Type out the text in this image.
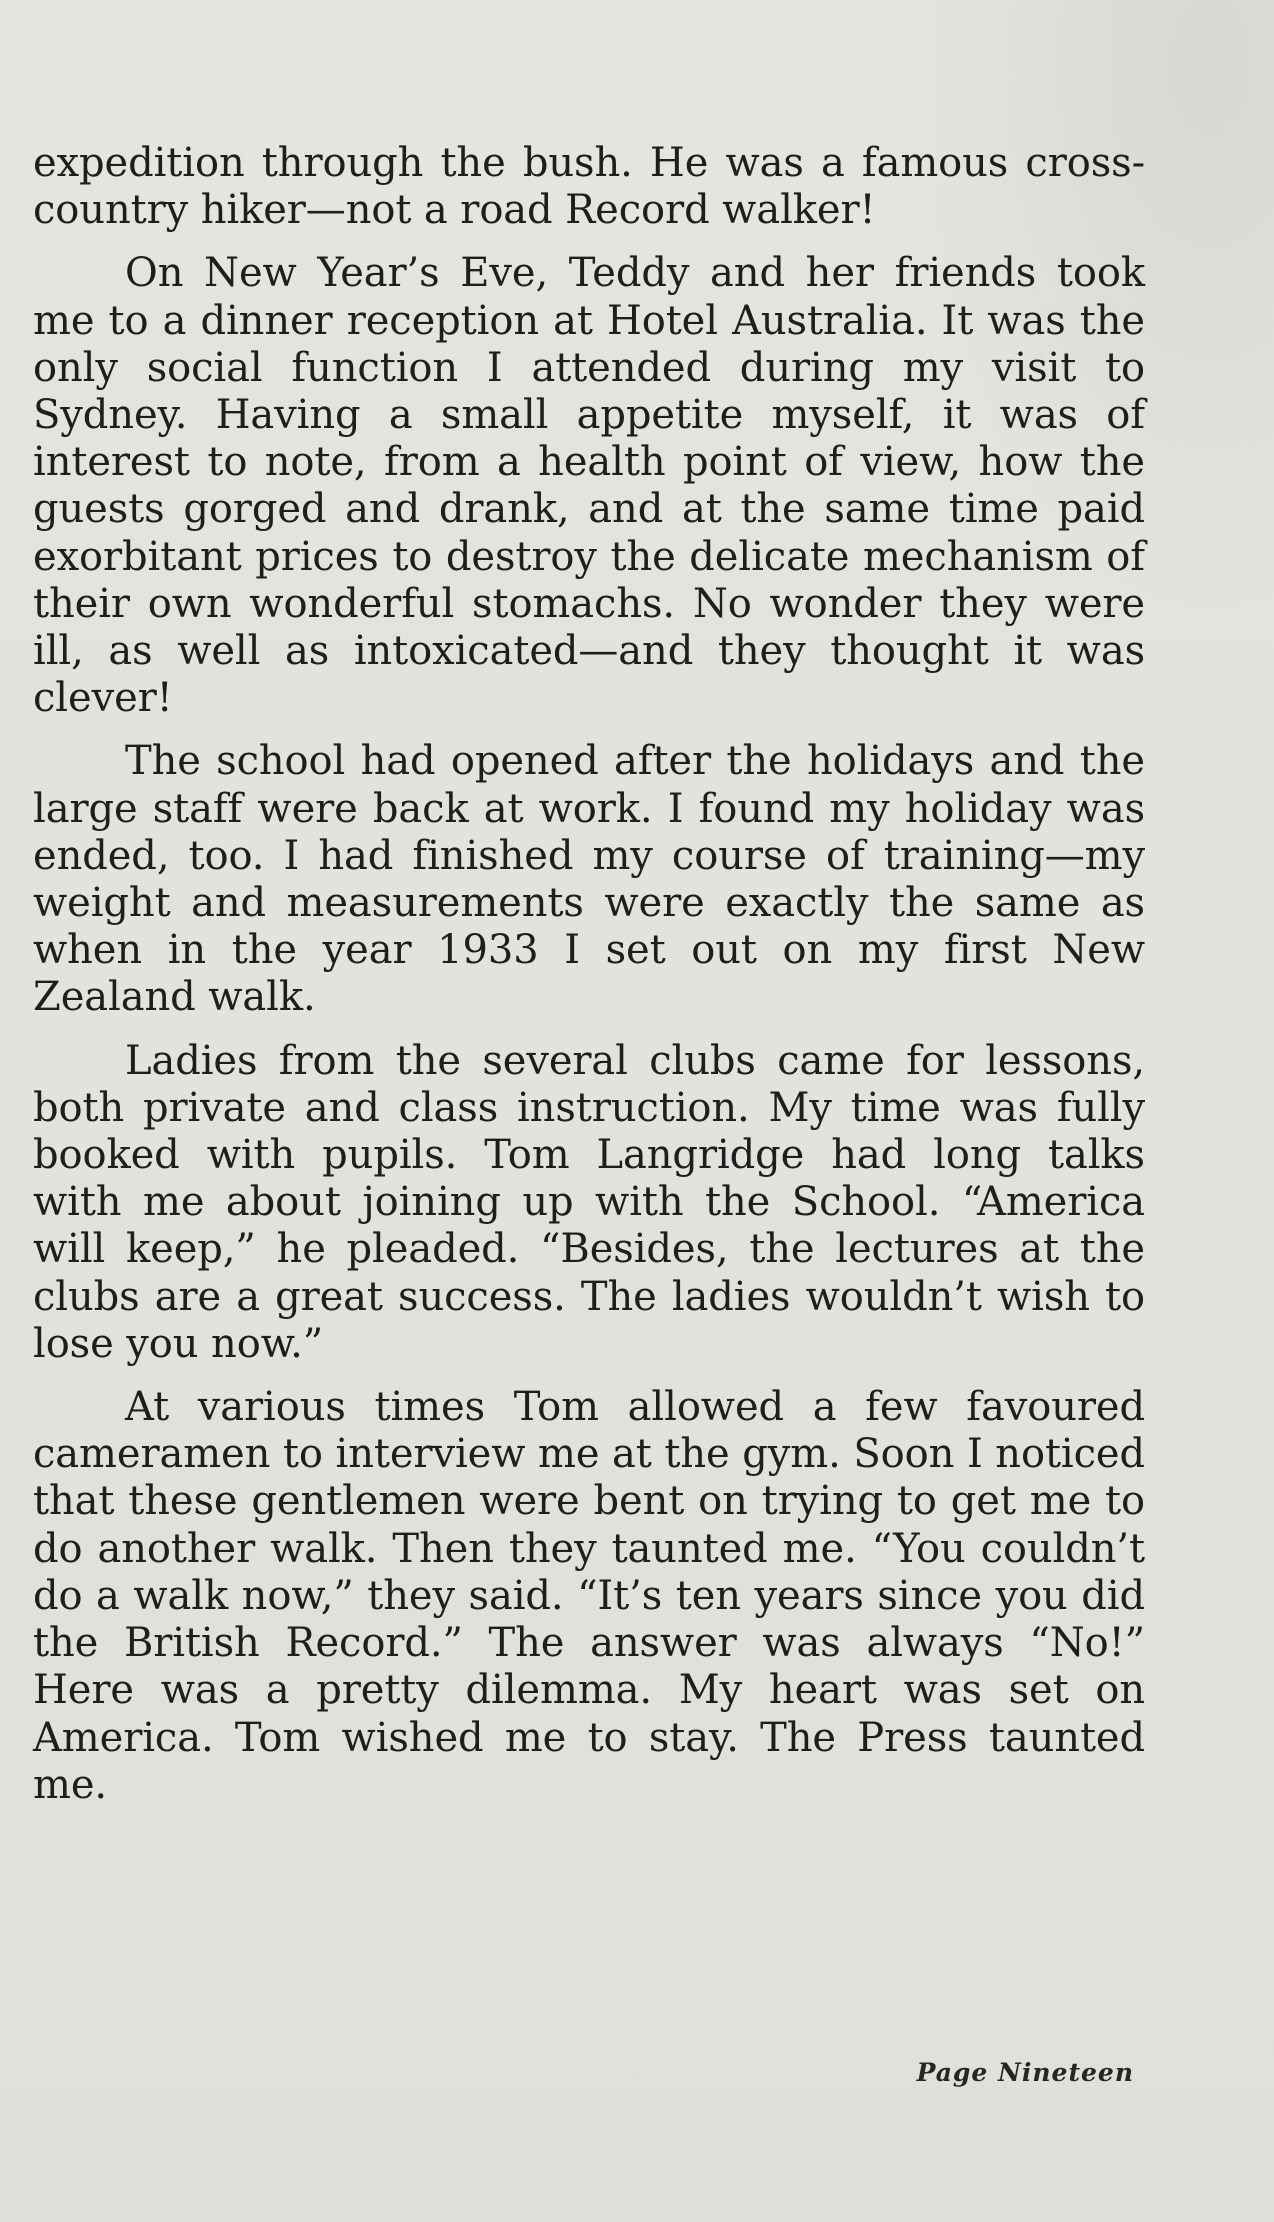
expedition through the bush. He was a famous cross-country hiker—not a road Record walker!

On New Year’s Eve, Teddy and her friends took me to a dinner reception at Hotel Australia. It was the only social function I attended during my visit to Sydney. Having a small appetite myself, it was of interest to note, from a health point of view, how the guests gorged and drank, and at the same time paid exorbitant prices to destroy the delicate mechanism of their own wonderful stomachs. No wonder they were ill, as well as intoxicated—and they thought it was clever!

The school had opened after the holidays and the large staff were back at work. I found my holiday was ended, too. I had finished my course of training—my weight and measurements were exactly the same as when in the year 1933 I set out on my first New Zealand walk.

Ladies from the several clubs came for lessons, both private and class instruction. My time was fully booked with pupils. Tom Langridge had long talks with me about joining up with the School. “America will keep,” he pleaded. “Besides, the lectures at the clubs are a great success. The ladies wouldn’t wish to lose you now.”

At various times Tom allowed a few favoured cameramen to interview me at the gym. Soon I noticed that these gentlemen were bent on trying to get me to do another walk. Then they taunted me. “You couldn’t do a walk now,” they said. “It’s ten years since you did the British Record.” The answer was always “No!” Here was a pretty dilemma. My heart was set on America. Tom wished me to stay. The Press taunted me.

Page Nineteen
